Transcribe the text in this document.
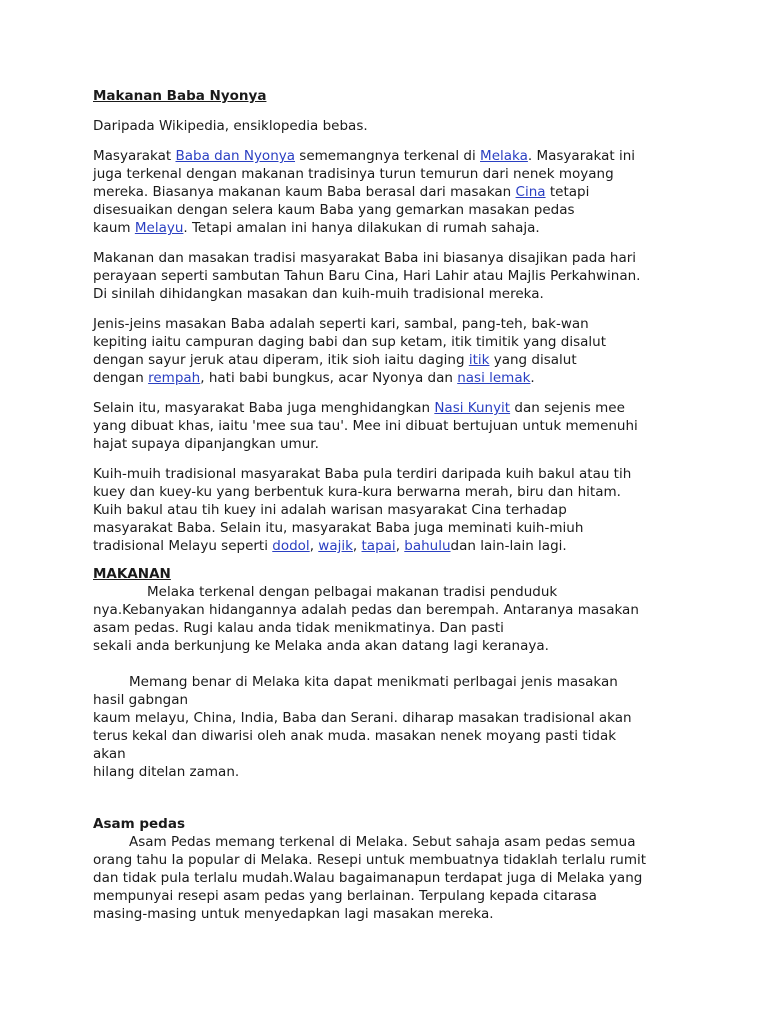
Makanan Baba Nyonya
Daripada Wikipedia, ensiklopedia bebas.
Masyarakat Baba dan Nyonya sememangnya terkenal di Melaka. Masyarakat ini
juga terkenal dengan makanan tradisinya turun temurun dari nenek moyang
mereka. Biasanya makanan kaum Baba berasal dari masakan Cina tetapi
disesuaikan dengan selera kaum Baba yang gemarkan masakan pedas
kaum Melayu. Tetapi amalan ini hanya dilakukan di rumah sahaja.
Makanan dan masakan tradisi masyarakat Baba ini biasanya disajikan pada hari
perayaan seperti sambutan Tahun Baru Cina, Hari Lahir atau Majlis Perkahwinan.
Di sinilah dihidangkan masakan dan kuih-muih tradisional mereka.
Jenis-jeins masakan Baba adalah seperti kari, sambal, pang-teh, bak-wan
kepiting iaitu campuran daging babi dan sup ketam, itik timitik yang disalut
dengan sayur jeruk atau diperam, itik sioh iaitu daging itik yang disalut
dengan rempah, hati babi bungkus, acar Nyonya dan nasi lemak.
Selain itu, masyarakat Baba juga menghidangkan Nasi Kunyit dan sejenis mee
yang dibuat khas, iaitu 'mee sua tau'. Mee ini dibuat bertujuan untuk memenuhi
hajat supaya dipanjangkan umur.
Kuih-muih tradisional masyarakat Baba pula terdiri daripada kuih bakul atau tih
kuey dan kuey-ku yang berbentuk kura-kura berwarna merah, biru dan hitam.
Kuih bakul atau tih kuey ini adalah warisan masyarakat Cina terhadap
masyarakat Baba. Selain itu, masyarakat Baba juga meminati kuih-miuh
tradisional Melayu seperti dodol, wajik, tapai, bahuludan lain-lain lagi.
MAKANAN
Melaka terkenal dengan pelbagai makanan tradisi penduduk
nya.Kebanyakan hidangannya adalah pedas dan berempah. Antaranya masakan
asam pedas. Rugi kalau anda tidak menikmatinya. Dan pasti
sekali anda berkunjung ke Melaka anda akan datang lagi keranaya.
Memang benar di Melaka kita dapat menikmati perlbagai jenis masakan
hasil gabngan
kaum melayu, China, India, Baba dan Serani. diharap masakan tradisional akan
terus kekal dan diwarisi oleh anak muda. masakan nenek moyang pasti tidak
akan
hilang ditelan zaman.
Asam pedas
Asam Pedas memang terkenal di Melaka. Sebut sahaja asam pedas semua
orang tahu Ia popular di Melaka. Resepi untuk membuatnya tidaklah terlalu rumit
dan tidak pula terlalu mudah.Walau bagaimanapun terdapat juga di Melaka yang
mempunyai resepi asam pedas yang berlainan. Terpulang kepada citarasa
masing-masing untuk menyedapkan lagi masakan mereka.
